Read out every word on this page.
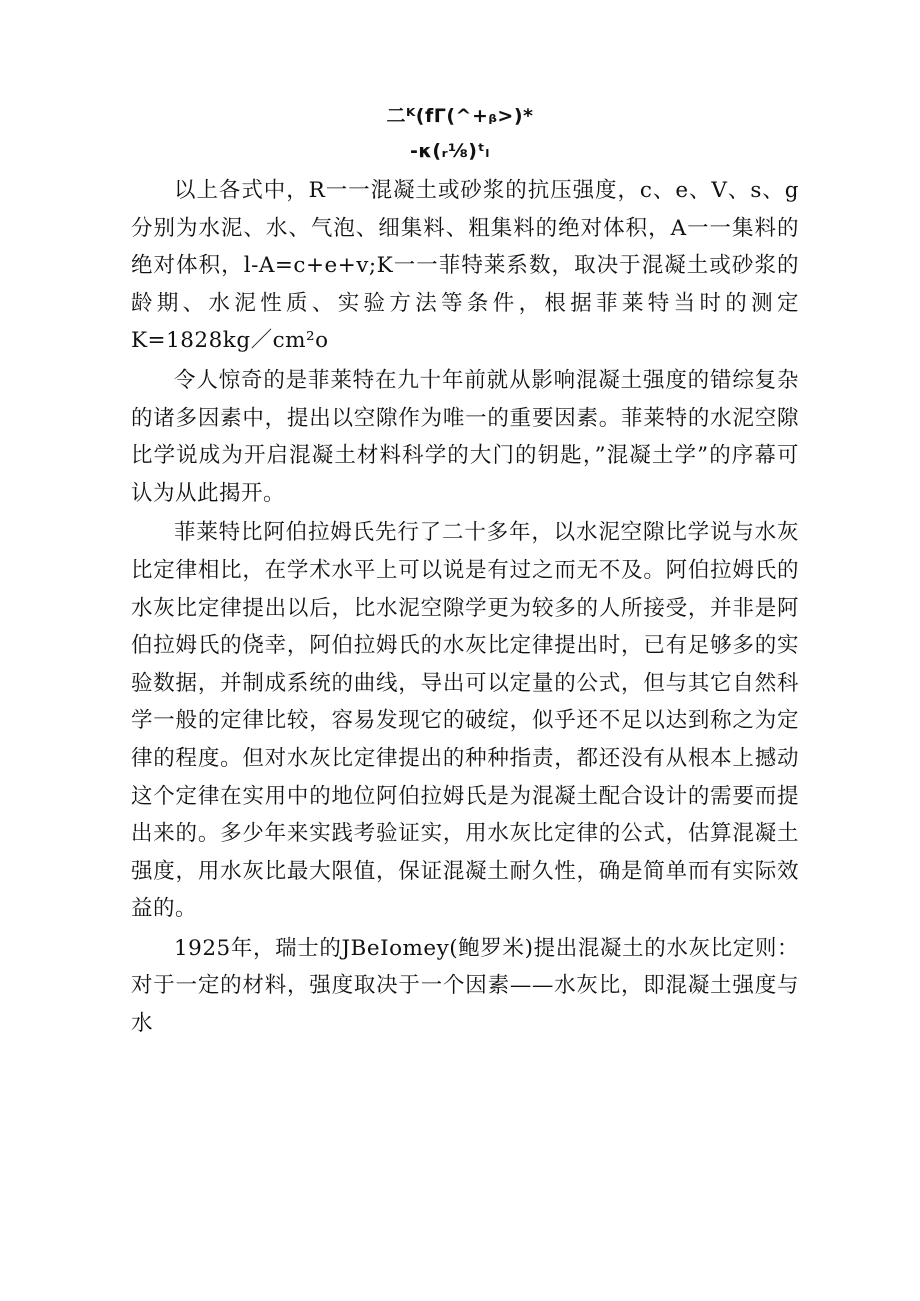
二ᴷ(fΓ(^+ᵦ>)*
-κ(ᵣ⅛)ᵗₗ

以上各式中，R一一混凝土或砂浆的抗压强度，c、e、V、s、g分别为水泥、水、气泡、细集料、粗集料的绝对体积，A一一集料的绝对体积，l-A=c+e+v;K一一菲特莱系数，取决于混凝土或砂浆的龄期、水泥性质、实验方法等条件，根据菲莱特当时的测定K=1828kg／cm²o

令人惊奇的是菲莱特在九十年前就从影响混凝土强度的错综复杂的诸多因素中，提出以空隙作为唯一的重要因素。菲莱特的水泥空隙比学说成为开启混凝土材料科学的大门的钥匙，”混凝土学”的序幕可认为从此揭开。

菲莱特比阿伯拉姆氏先行了二十多年，以水泥空隙比学说与水灰比定律相比，在学术水平上可以说是有过之而无不及。阿伯拉姆氏的水灰比定律提出以后，比水泥空隙学更为较多的人所接受，并非是阿伯拉姆氏的侥幸，阿伯拉姆氏的水灰比定律提出时，已有足够多的实验数据，并制成系统的曲线，导出可以定量的公式，但与其它自然科学一般的定律比较，容易发现它的破绽，似乎还不足以达到称之为定律的程度。但对水灰比定律提出的种种指责，都还没有从根本上撼动这个定律在实用中的地位阿伯拉姆氏是为混凝土配合设计的需要而提出来的。多少年来实践考验证实，用水灰比定律的公式，估算混凝土强度，用水灰比最大限值，保证混凝土耐久性，确是简单而有实际效益的。

1925年，瑞士的JBeIomey(鲍罗米)提出混凝土的水灰比定则：对于一定的材料，强度取决于一个因素——水灰比，即混凝土强度与水
